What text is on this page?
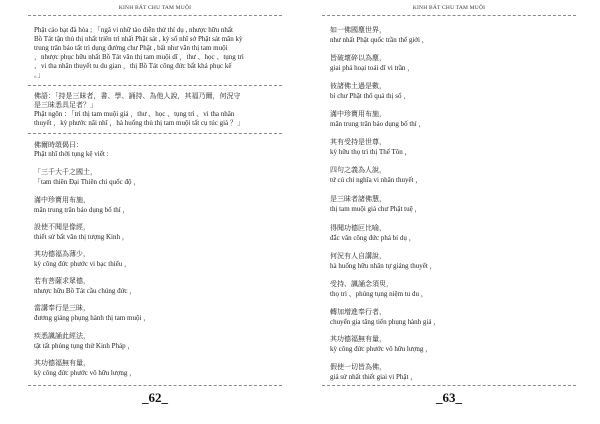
KINH BÁT CHU TAM MUỘI
Phật cáo bạt đà hòa ; 「ngã vi nhữ tào diễn thử thí dụ , nhược hữu nhất
Bồ Tát tận thủ thị nhất triên trì nhất Phật sát , kỳ số nhĩ sở Phật sát mãn kỳ
trung trân bảo tất trì dụng đường chư Phật , bất như văn thị tam muội
，nhược phục hữu nhất Bồ Tát văn thị tam muội dĩ ，thư 、học 、tụng trì
、vi tha nhân thuyết tu du gian ，thị Bồ Tát công đức bất khả phục kế
。」
佛語：「持是三昧者，書、學、誦持、為他人說，其福乃爾，何況守
是三昧悉具足者？」
Phật ngôn ：「trì thị tam muội giả ，thư 、học 、tụng trì 、vi tha nhân
thuyết ，kỳ phước nãi nhĩ ，hà huống thủ thị tam muội tất cụ túc giả ？」
佛爾時頌偈曰：
Phật nhĩ thời tụng kệ viết :
「三千大千之國土，
「tam thiên Đại Thiên chi quốc độ ，
滿中珍寶用布施，
mãn trung trân bảo dụng bố thí ，
設使不聞是像經，
thiết sử bất văn thị tượng Kinh ，
其功德福為薄少，
kỳ công đức phước vi bạc thiểu ，
若有菩薩求眾德，
nhược hữu Bồ Tát cầu chúng đức ，
當講奉行是三昧，
đương giảng phụng hành thị tam muội ，
疾悉諷誦此經法，
tật tất phúng tụng thử Kinh Pháp ，
其功德福無有量，
kỳ công đức phước vô hữu lượng ，
_62_
KINH BÁT CHU TAM MUỘI
如一佛國塵世界，
như nhất Phật quốc trần thế giới ，
皆破壞碎以為塵，
giai phá hoại toái dĩ vi trần ，
彼諸佛土過是數，
bỉ chư Phật thổ quá thị số ，
滿中珍寶用布施，
mãn trung trân bảo dụng bố thí ，
其有受持是世尊，
kỳ hữu thọ trì thị Thế Tôn ，
四句之義為人說，
tứ cú chi nghĩa vi nhân thuyết ，
是三昧者諸佛慧，
thị tam muội giả chư Phật tuệ ，
得聞功德叵比喻，
đắc văn công đức phả bỉ dụ ，
何況有人自講說，
hà huống hữu nhân tự giảng thuyết ，
受持、諷誦念須臾，
thọ trì 、phúng tụng niệm tu du ，
轉加增進奉行者，
chuyển gia tăng tiến phụng hành giả ，
其功德福無有量，
kỳ công đức phước vô hữu lượng ，
假使一切皆為佛，
giả sử nhất thiết giai vi Phật ，
_63_
